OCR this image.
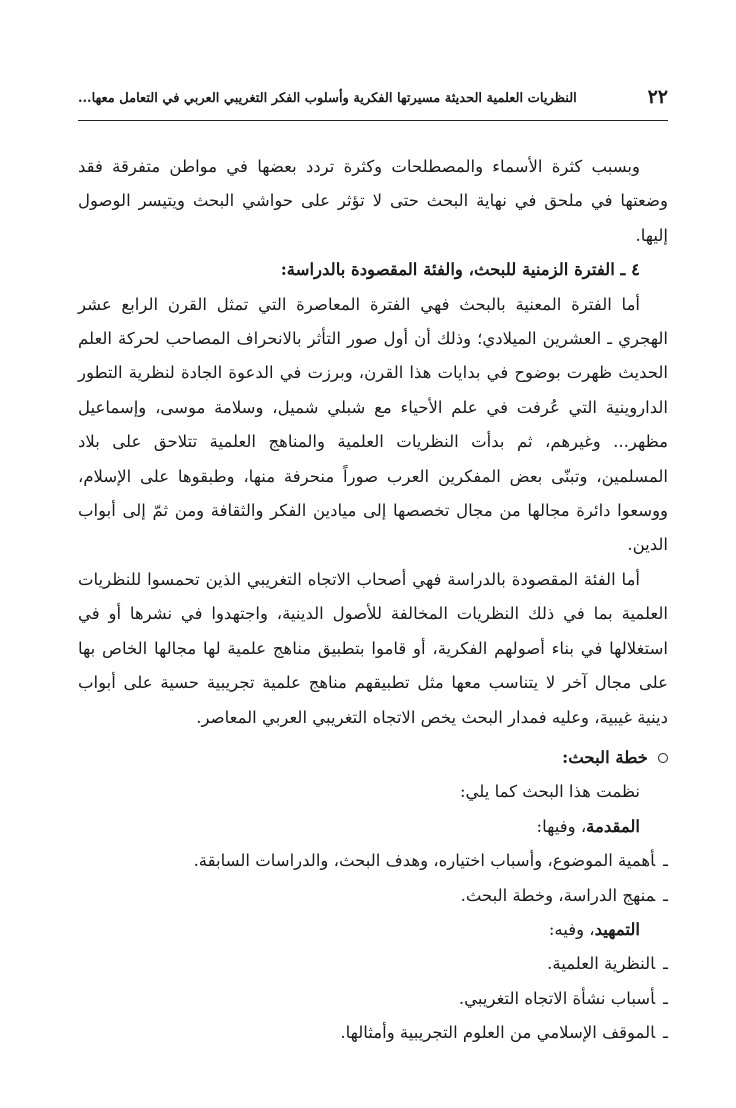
٢٢
النظريات العلمية الحديثة مسيرتها الفكرية وأسلوب الفكر التغريبي العربي في التعامل معها...

وبسبب كثرة الأسماء والمصطلحات وكثرة تردد بعضها في مواطن متفرقة فقد وضعتها في ملحق في نهاية البحث حتى لا تؤثر على حواشي البحث ويتيسر الوصول إليها.

٤ ـ الفترة الزمنية للبحث، والفئة المقصودة بالدراسة:

أما الفترة المعنية بالبحث فهي الفترة المعاصرة التي تمثل القرن الرابع عشر الهجري ـ العشرين الميلادي؛ وذلك أن أول صور التأثر بالانحراف المصاحب لحركة العلم الحديث ظهرت بوضوح في بدايات هذا القرن، وبرزت في الدعوة الجادة لنظرية التطور الداروينية التي عُرفت في علم الأحياء مع شبلي شميل، وسلامة موسى، وإسماعيل مظهر... وغيرهم، ثم بدأت النظريات العلمية والمناهج العلمية تتلاحق على بلاد المسلمين، وتبنّى بعض المفكرين العرب صوراً منحرفة منها، وطبقوها على الإسلام، ووسعوا دائرة مجالها من مجال تخصصها إلى ميادين الفكر والثقافة ومن ثمّ إلى أبواب الدين.

أما الفئة المقصودة بالدراسة فهي أصحاب الاتجاه التغريبي الذين تحمسوا للنظريات العلمية بما في ذلك النظريات المخالفة للأصول الدينية، واجتهدوا في نشرها أو في استغلالها في بناء أصولهم الفكرية، أو قاموا بتطبيق مناهج علمية لها مجالها الخاص بها على مجال آخر لا يتناسب معها مثل تطبيقهم مناهج علمية تجريبية حسية على أبواب دينية غيبية، وعليه فمدار البحث يخص الاتجاه التغريبي العربي المعاصر.

خطة البحث:

نظمت هذا البحث كما يلي:

المقدمة، وفيها:

ـأهمية الموضوع، وأسباب اختياره، وهدف البحث، والدراسات السابقة.

ـمنهج الدراسة، وخطة البحث.

التمهيد، وفيه:

ـالنظرية العلمية.

ـأسباب نشأة الاتجاه التغريبي.

ـالموقف الإسلامي من العلوم التجريبية وأمثالها.
